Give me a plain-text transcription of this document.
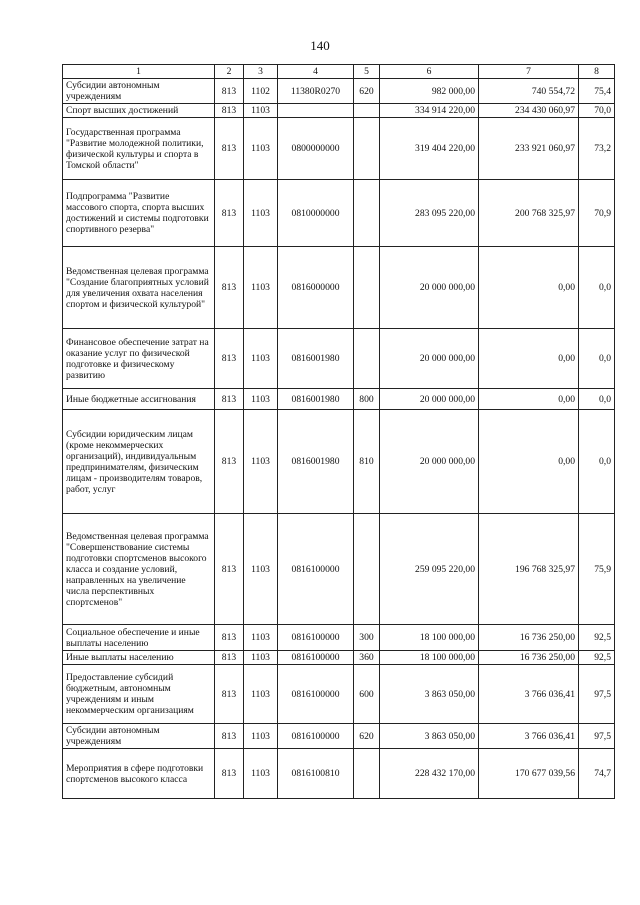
140
1	2	3	4	5	6	7	8
Субсидии автономным учреждениям	813	1102	11380R0270	620	982 000,00	740 554,72	75,4
Спорт высших достижений	813	1103			334 914 220,00	234 430 060,97	70,0
Государственная программа "Развитие молодежной политики, физической культуры и спорта в Томской области"	813	1103	0800000000		319 404 220,00	233 921 060,97	73,2
Подпрограмма "Развитие массового спорта, спорта высших достижений и системы подготовки спортивного резерва"	813	1103	0810000000		283 095 220,00	200 768 325,97	70,9
Ведомственная целевая программа "Создание благоприятных условий для увеличения охвата населения спортом и физической культурой"	813	1103	0816000000		20 000 000,00	0,00	0,0
Финансовое обеспечение затрат на оказание услуг по физической подготовке и физическому развитию	813	1103	0816001980		20 000 000,00	0,00	0,0
Иные бюджетные ассигнования	813	1103	0816001980	800	20 000 000,00	0,00	0,0
Субсидии юридическим лицам (кроме некоммерческих организаций), индивидуальным предпринимателям, физическим лицам - производителям товаров, работ, услуг	813	1103	0816001980	810	20 000 000,00	0,00	0,0
Ведомственная целевая программа "Совершенствование системы подготовки спортсменов высокого класса и создание условий, направленных на увеличение числа перспективных спортсменов"	813	1103	0816100000		259 095 220,00	196 768 325,97	75,9
Социальное обеспечение и иные выплаты населению	813	1103	0816100000	300	18 100 000,00	16 736 250,00	92,5
Иные выплаты населению	813	1103	0816100000	360	18 100 000,00	16 736 250,00	92,5
Предоставление субсидий бюджетным, автономным учреждениям и иным некоммерческим организациям	813	1103	0816100000	600	3 863 050,00	3 766 036,41	97,5
Субсидии автономным учреждениям	813	1103	0816100000	620	3 863 050,00	3 766 036,41	97,5
Мероприятия в сфере подготовки спортсменов высокого класса	813	1103	0816100810		228 432 170,00	170 677 039,56	74,7
